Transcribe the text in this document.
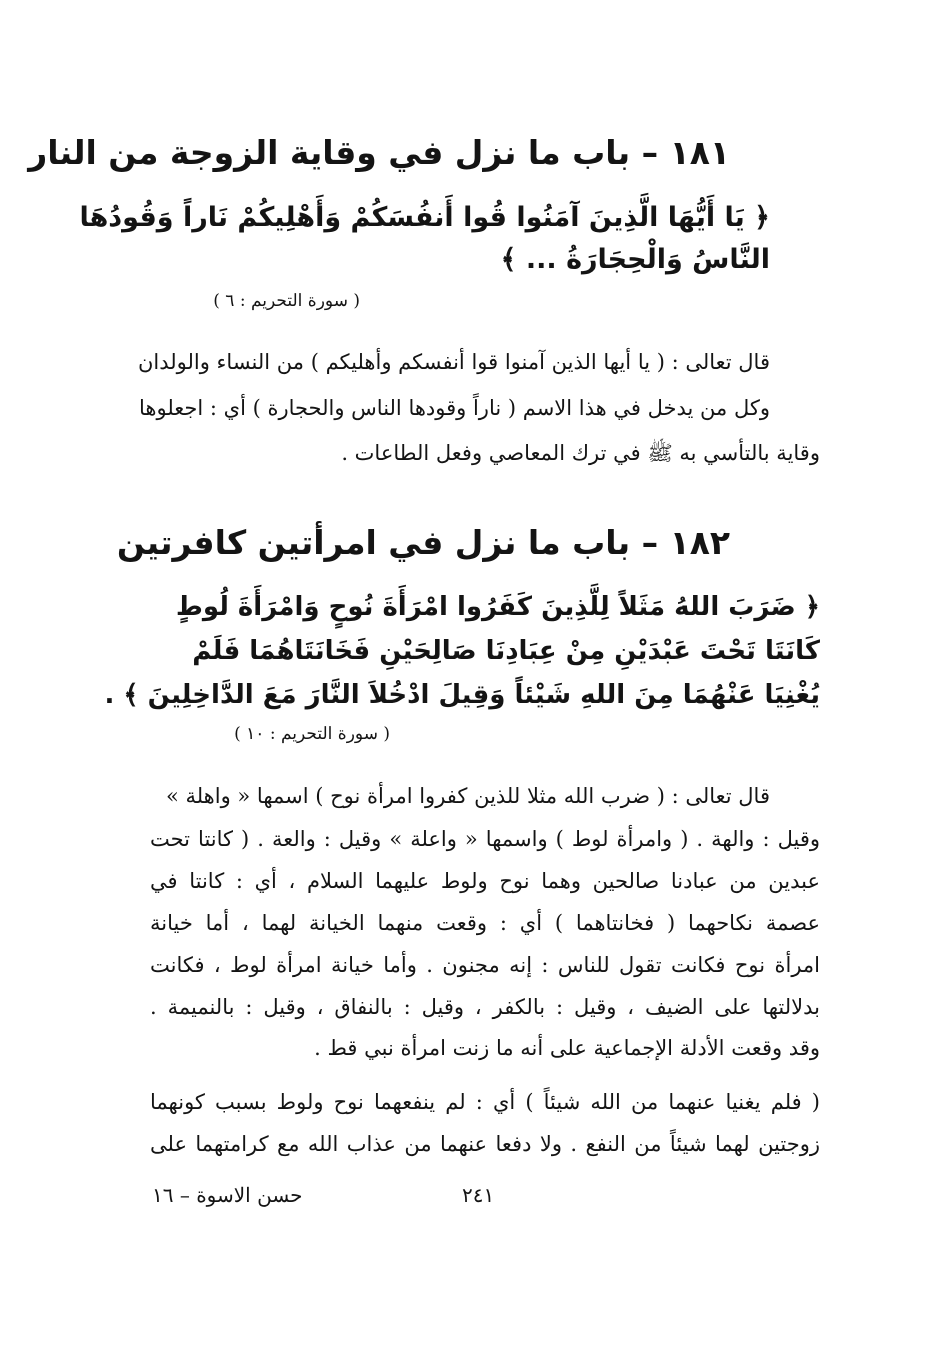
١٨١ – باب ما نزل في وقاية الزوجة من النار
﴿ يَا أَيُّهَا الَّذِينَ آمَنُوا قُوا أَنفُسَكُمْ وَأَهْلِيكُمْ نَاراً وَقُودُهَا
النَّاسُ وَالْحِجَارَةُ ... ﴾
( سورة التحريم : ٦ )
قال تعالى : ( يا أيها الذين آمنوا قوا أنفسكم وأهليكم ) من النساء والولدان
وكل من يدخل في هذا الاسم ( ناراً وقودها الناس والحجارة ) أي : اجعلوها
وقاية بالتأسي به ﷺ في ترك المعاصي وفعل الطاعات .
١٨٢ – باب ما نزل في امرأتين كافرتين
﴿ ضَرَبَ اللهُ مَثَلاً لِلَّذِينَ كَفَرُوا امْرَأَةَ نُوحٍ وَامْرَأَةَ لُوطٍ
كَانَتَا تَحْتَ عَبْدَيْنِ مِنْ عِبَادِنَا صَالِحَيْنِ فَخَانَتَاهُمَا فَلَمْ
يُغْنِيَا عَنْهُمَا مِنَ اللهِ شَيْئاً وَقِيلَ ادْخُلاَ النَّارَ مَعَ الدَّاخِلِينَ ﴾ .
( سورة التحريم : ١٠ )
قال تعالى : ( ضرب الله مثلا للذين كفروا امرأة نوح ) اسمها « واهلة »
وقيل : والهة . ( وامرأة لوط ) واسمها « واعلة » وقيل : والعة . ( كانتا تحت
عبدين من عبادنا صالحين وهما نوح ولوط عليهما السلام ، أي : كانتا في
عصمة نكاحهما ( فخانتاهما ) أي : وقعت منهما الخيانة لهما ، أما خيانة
امرأة نوح فكانت تقول للناس : إنه مجنون . وأما خيانة امرأة لوط ، فكانت
بدلالتها على الضيف ، وقيل : بالكفر ، وقيل : بالنفاق ، وقيل : بالنميمة .
وقد وقعت الأدلة الإجماعية على أنه ما زنت امرأة نبي قط .
( فلم يغنيا عنهما من الله شيئاً ) أي : لم ينفعهما نوح ولوط بسبب كونهما
زوجتين لهما شيئاً من النفع . ولا دفعا عنهما من عذاب الله مع كرامتهما على
٢٤١
حسن الاسوة – ١٦
